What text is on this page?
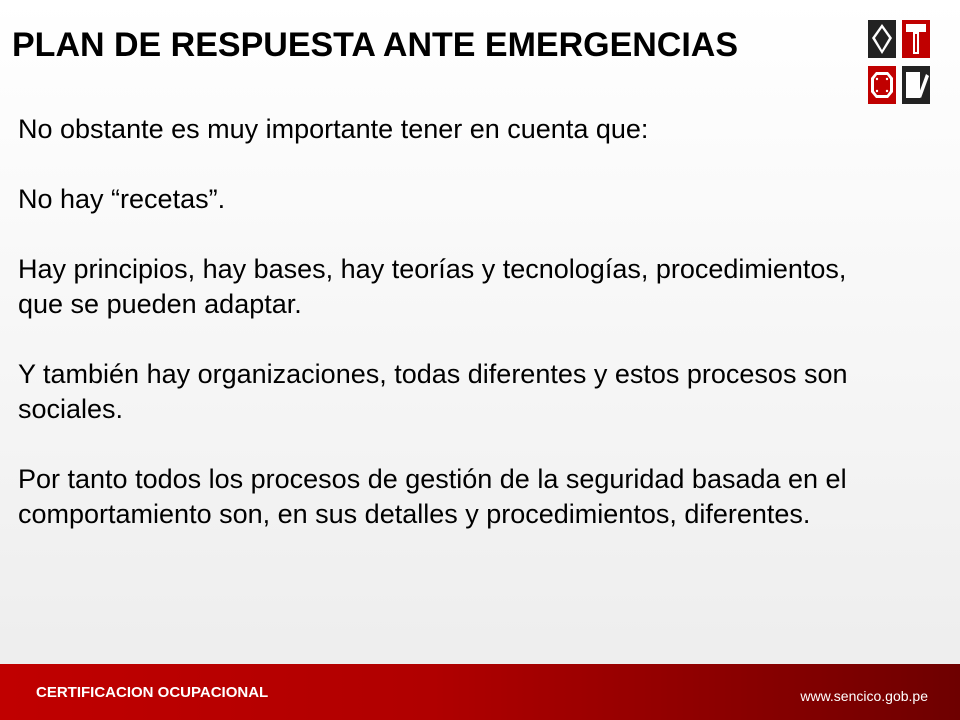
PLAN DE RESPUESTA ANTE EMERGENCIAS

No obstante es muy importante tener en cuenta que:

No hay “recetas”.

Hay principios, hay bases, hay teorías y tecnologías, procedimientos, que se pueden adaptar.

Y también hay organizaciones, todas diferentes y estos procesos son sociales.

Por tanto todos los procesos de gestión de la seguridad basada en el comportamiento son, en sus detalles y procedimientos, diferentes.

CERTIFICACION OCUPACIONAL	www.sencico.gob.pe
